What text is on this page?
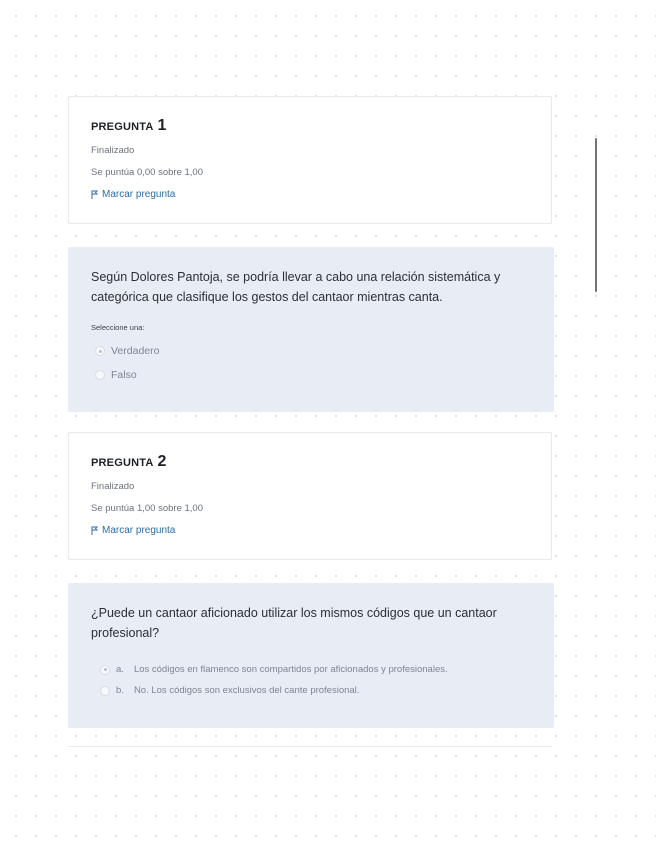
PREGUNTA 1
Finalizado
Se puntúa 0,00 sobre 1,00
Marcar pregunta

Según Dolores Pantoja, se podría llevar a cabo una relación sistemática y categórica que clasifique los gestos del cantaor mientras canta.

Seleccione una:
Verdadero
Falso
PREGUNTA 2
Finalizado
Se puntúa 1,00 sobre 1,00
Marcar pregunta

¿Puede un cantaor aficionado utilizar los mismos códigos que un cantaor profesional?

a. Los códigos en flamenco son compartidos por aficionados y profesionales.
b. No. Los códigos son exclusivos del cante profesional.
